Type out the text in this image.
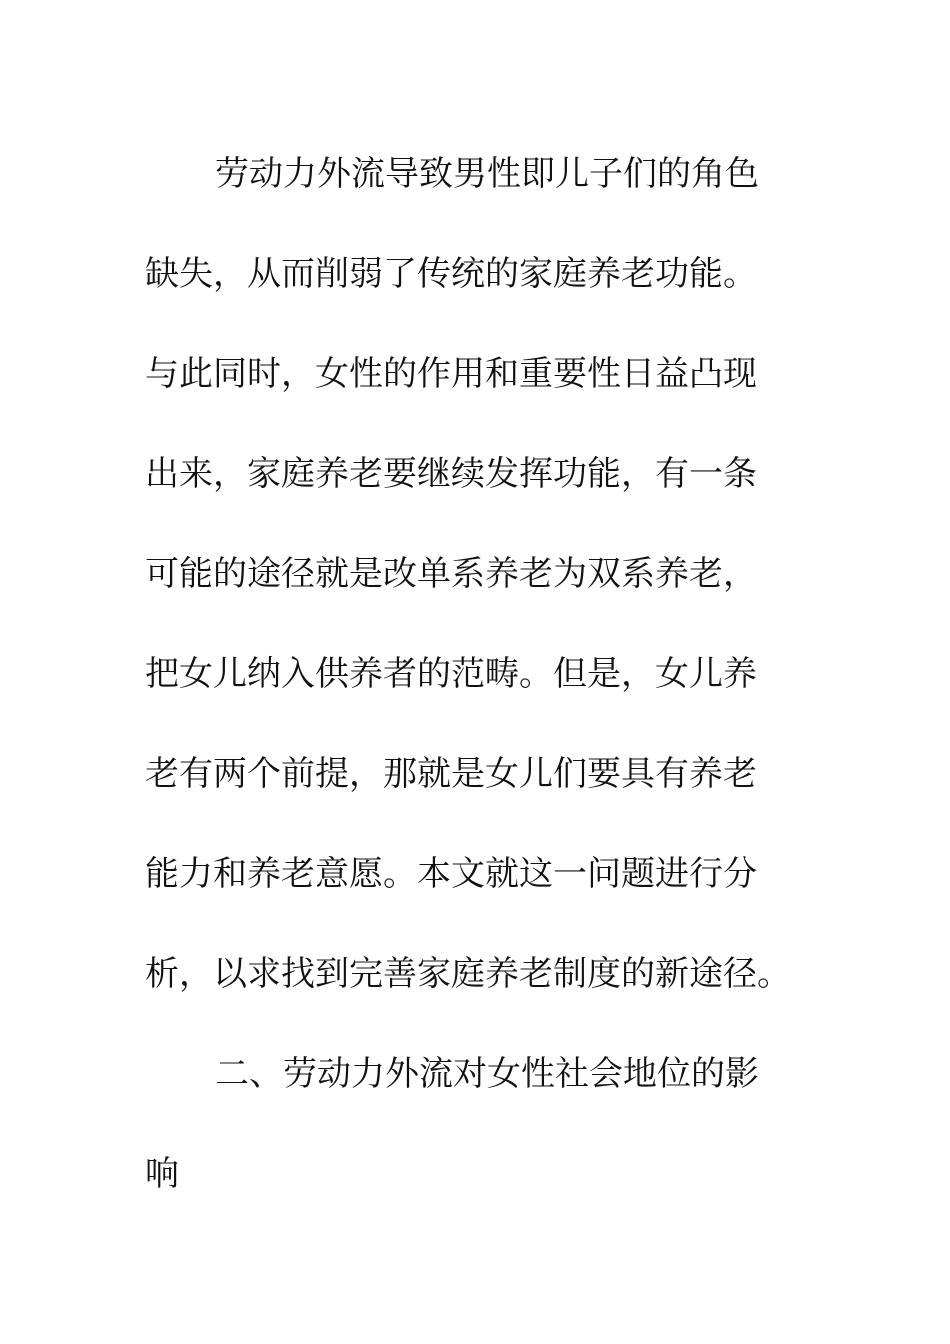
劳动力外流导致男性即儿子们的角色
缺失，从而削弱了传统的家庭养老功能。
与此同时，女性的作用和重要性日益凸现
出来，家庭养老要继续发挥功能，有一条
可能的途径就是改单系养老为双系养老，
把女儿纳入供养者的范畴。但是，女儿养
老有两个前提，那就是女儿们要具有养老
能力和养老意愿。本文就这一问题进行分
析，以求找到完善家庭养老制度的新途径。
二、劳动力外流对女性社会地位的影
响
